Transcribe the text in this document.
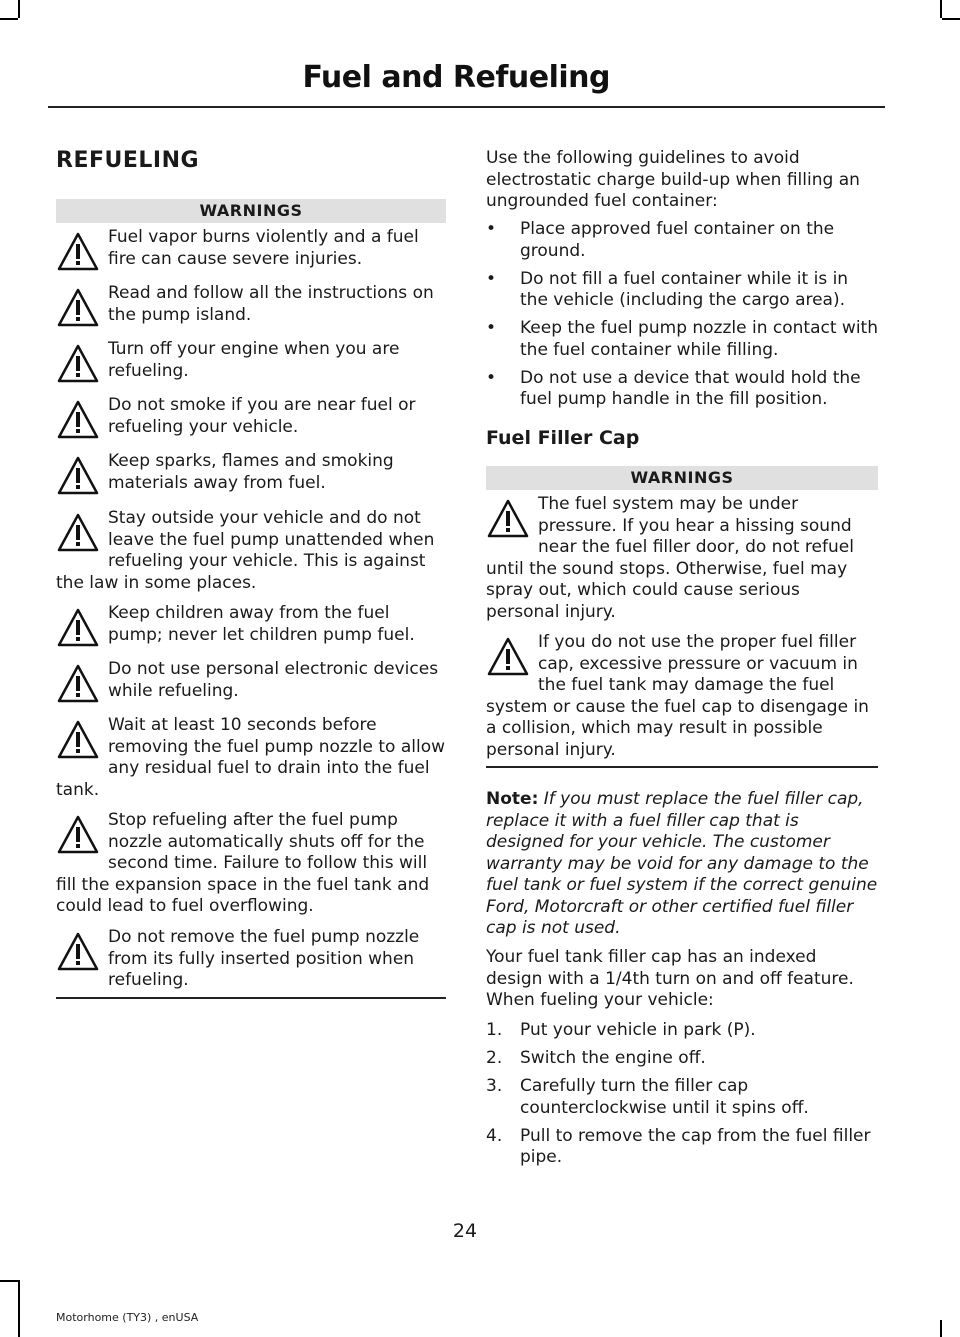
Fuel and Refueling
REFUELING
WARNINGS
Fuel vapor burns violently and a fuel fire can cause severe injuries.
Read and follow all the instructions on the pump island.
Turn off your engine when you are refueling.
Do not smoke if you are near fuel or refueling your vehicle.
Keep sparks, flames and smoking materials away from fuel.
Stay outside your vehicle and do not leave the fuel pump unattended when refueling your vehicle. This is against the law in some places.
Keep children away from the fuel pump; never let children pump fuel.
Do not use personal electronic devices while refueling.
Wait at least 10 seconds before removing the fuel pump nozzle to allow any residual fuel to drain into the fuel tank.
Stop refueling after the fuel pump nozzle automatically shuts off for the second time. Failure to follow this will fill the expansion space in the fuel tank and could lead to fuel overflowing.
Do not remove the fuel pump nozzle from its fully inserted position when refueling.
Use the following guidelines to avoid electrostatic charge build-up when filling an ungrounded fuel container:
• Place approved fuel container on the ground.
• Do not fill a fuel container while it is in the vehicle (including the cargo area).
• Keep the fuel pump nozzle in contact with the fuel container while filling.
• Do not use a device that would hold the fuel pump handle in the fill position.
Fuel Filler Cap
WARNINGS
The fuel system may be under pressure. If you hear a hissing sound near the fuel filler door, do not refuel until the sound stops. Otherwise, fuel may spray out, which could cause serious personal injury.
If you do not use the proper fuel filler cap, excessive pressure or vacuum in the fuel tank may damage the fuel system or cause the fuel cap to disengage in a collision, which may result in possible personal injury.
Note: If you must replace the fuel filler cap, replace it with a fuel filler cap that is designed for your vehicle. The customer warranty may be void for any damage to the fuel tank or fuel system if the correct genuine Ford, Motorcraft or other certified fuel filler cap is not used.
Your fuel tank filler cap has an indexed design with a 1/4th turn on and off feature. When fueling your vehicle:
1. Put your vehicle in park (P).
2. Switch the engine off.
3. Carefully turn the filler cap counterclockwise until it spins off.
4. Pull to remove the cap from the fuel filler pipe.
24
Motorhome (TY3) , enUSA
